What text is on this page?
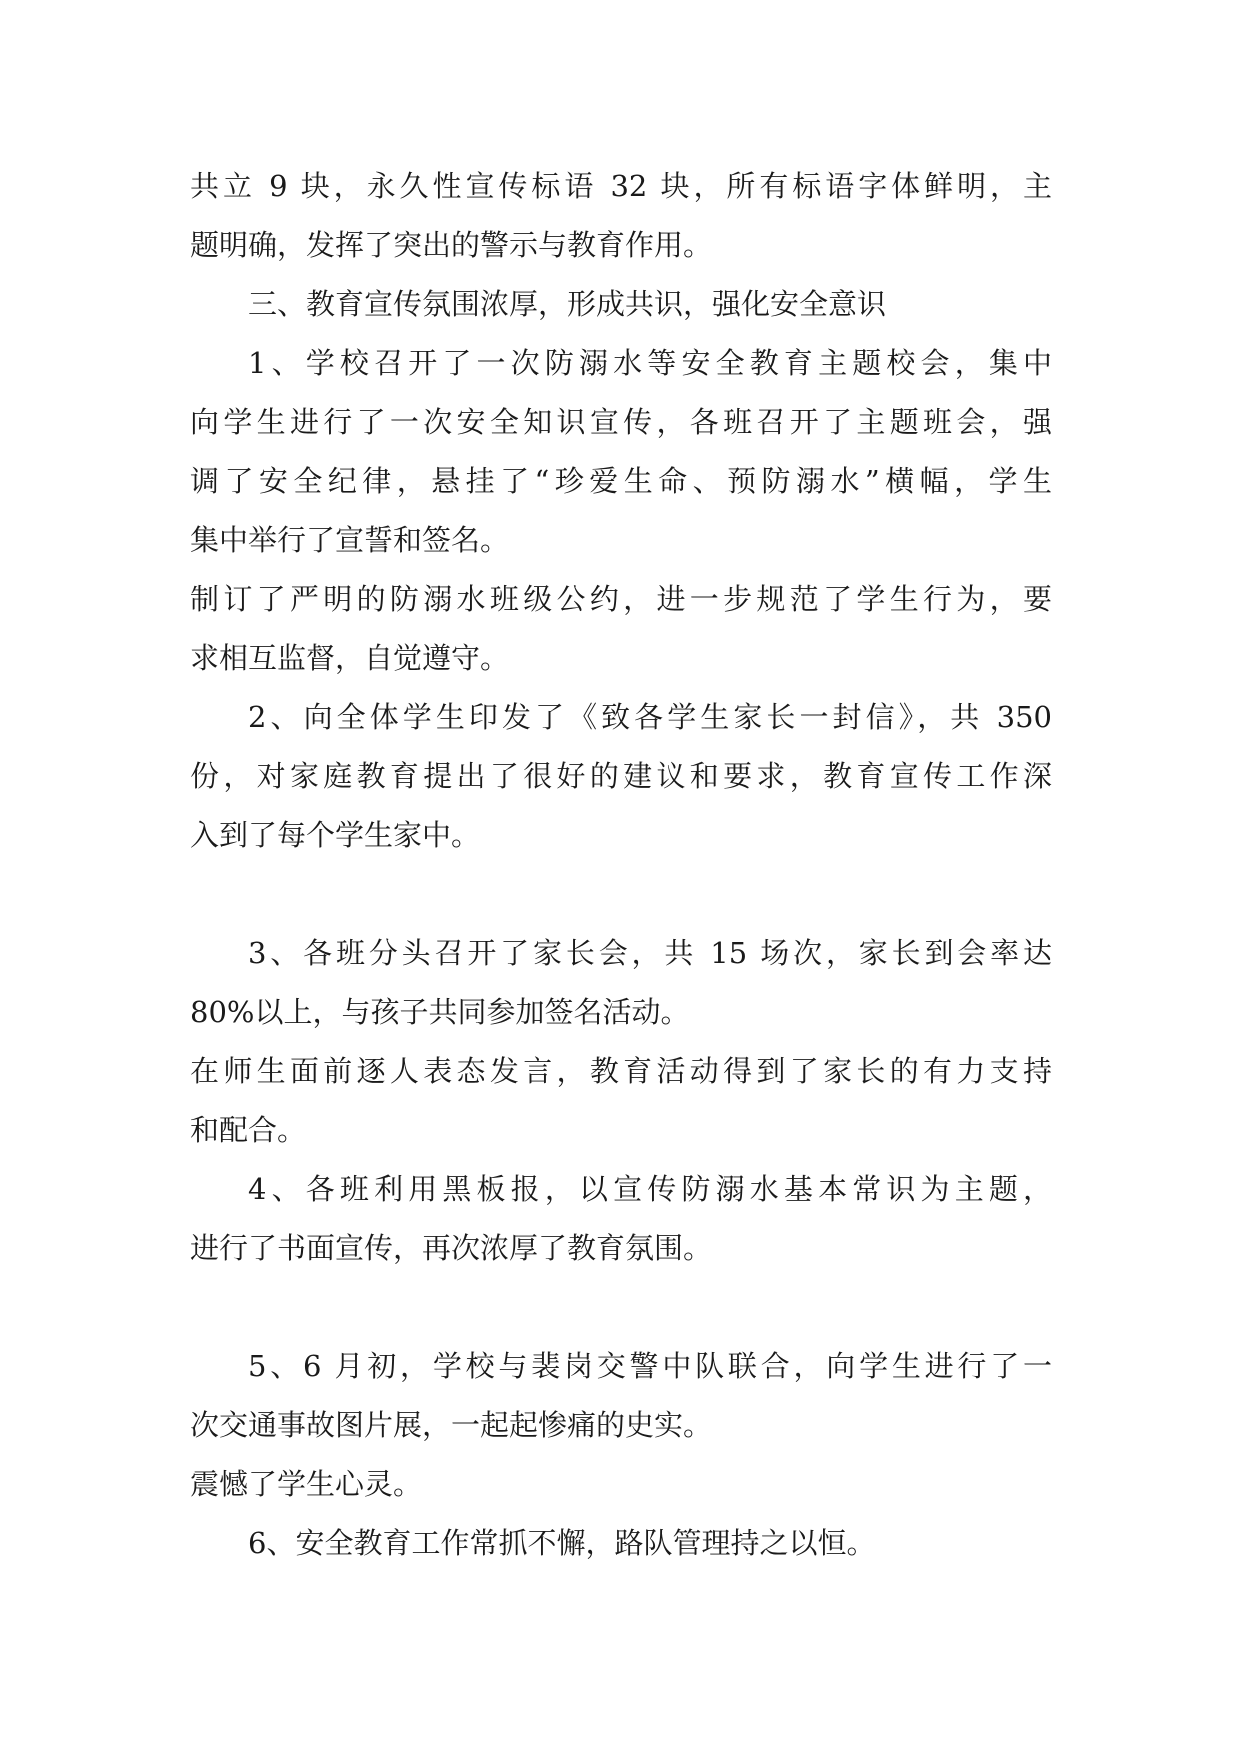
共立 9 块，永久性宣传标语 32 块，所有标语字体鲜明，主
题明确，发挥了突出的警示与教育作用。
三、教育宣传氛围浓厚，形成共识，强化安全意识
1、学校召开了一次防溺水等安全教育主题校会，集中
向学生进行了一次安全知识宣传，各班召开了主题班会，强
调了安全纪律，悬挂了“珍爱生命、预防溺水”横幅，学生
集中举行了宣誓和签名。
制订了严明的防溺水班级公约，进一步规范了学生行为，要
求相互监督，自觉遵守。
2、向全体学生印发了《致各学生家长一封信》，共 350
份，对家庭教育提出了很好的建议和要求，教育宣传工作深
入到了每个学生家中。
3、各班分头召开了家长会，共 15 场次，家长到会率达
80%以上，与孩子共同参加签名活动。
在师生面前逐人表态发言，教育活动得到了家长的有力支持
和配合。
4、各班利用黑板报，以宣传防溺水基本常识为主题，
进行了书面宣传，再次浓厚了教育氛围。
5、6 月初，学校与裴岗交警中队联合，向学生进行了一
次交通事故图片展，一起起惨痛的史实。
震憾了学生心灵。
6、安全教育工作常抓不懈，路队管理持之以恒。
